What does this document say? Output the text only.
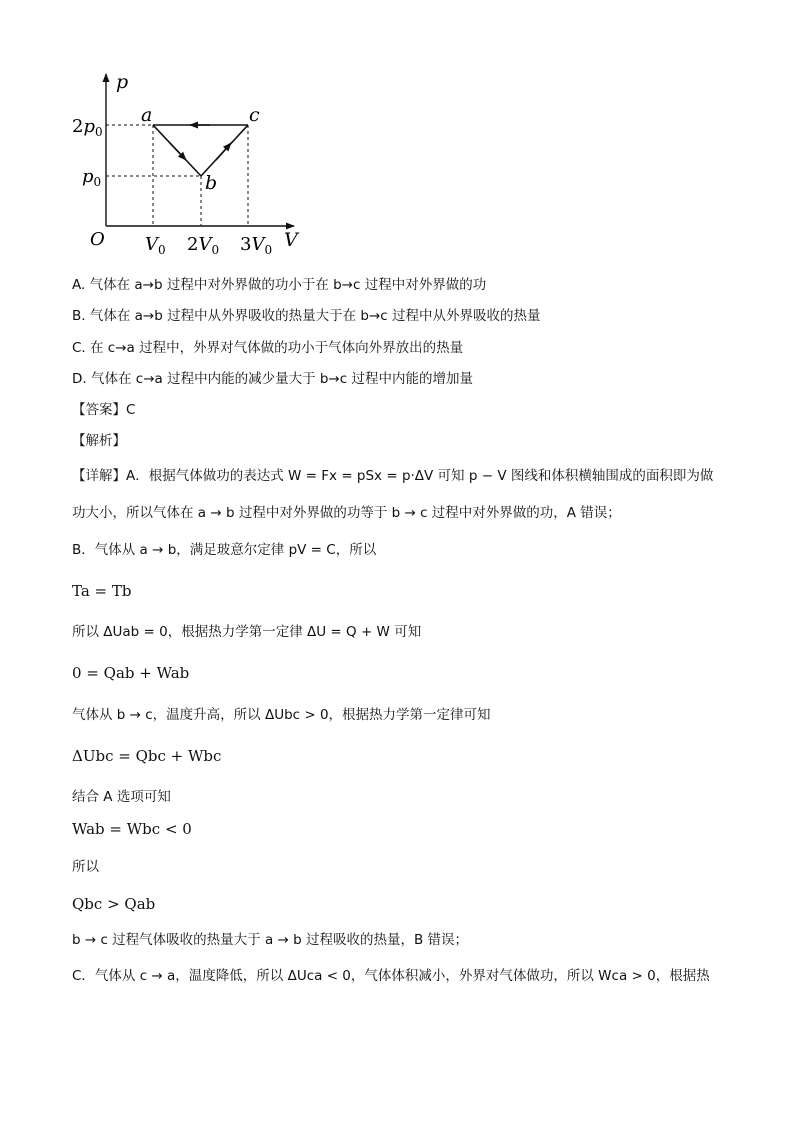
p
V
O
a
b
c
$2p_0$
$p_0$
$V_0$ $2V_0$ $3V_0$
A. 气体在 a→b 过程中对外界做的功小于在 b→c 过程中对外界做的功
B. 气体在 a→b 过程中从外界吸收的热量大于在 b→c 过程中从外界吸收的热量
C. 在 c→a 过程中，外界对气体做的功小于气体向外界放出的热量
D. 气体在 c→a 过程中内能的减少量大于 b→c 过程中内能的增加量
【答案】C
【解析】
【详解】A．根据气体做功的表达式 W = Fx = pSx = p·ΔV 可知 p − V 图线和体积横轴围成的面积即为做
功大小，所以气体在 a → b 过程中对外界做的功等于 b → c 过程中对外界做的功，A 错误；
B．气体从 a → b，满足玻意尔定律 pV = C，所以
Ta = Tb
所以 ΔUab = 0，根据热力学第一定律 ΔU = Q + W 可知
0 = Qab + Wab
气体从 b → c，温度升高，所以 ΔUbc > 0，根据热力学第一定律可知
ΔUbc = Qbc + Wbc
结合 A 选项可知
Wab = Wbc < 0
所以
Qbc > Qab
b → c 过程气体吸收的热量大于 a → b 过程吸收的热量，B 错误；
C．气体从 c → a，温度降低，所以 ΔUca < 0，气体体积减小，外界对气体做功，所以 Wca > 0，根据热
